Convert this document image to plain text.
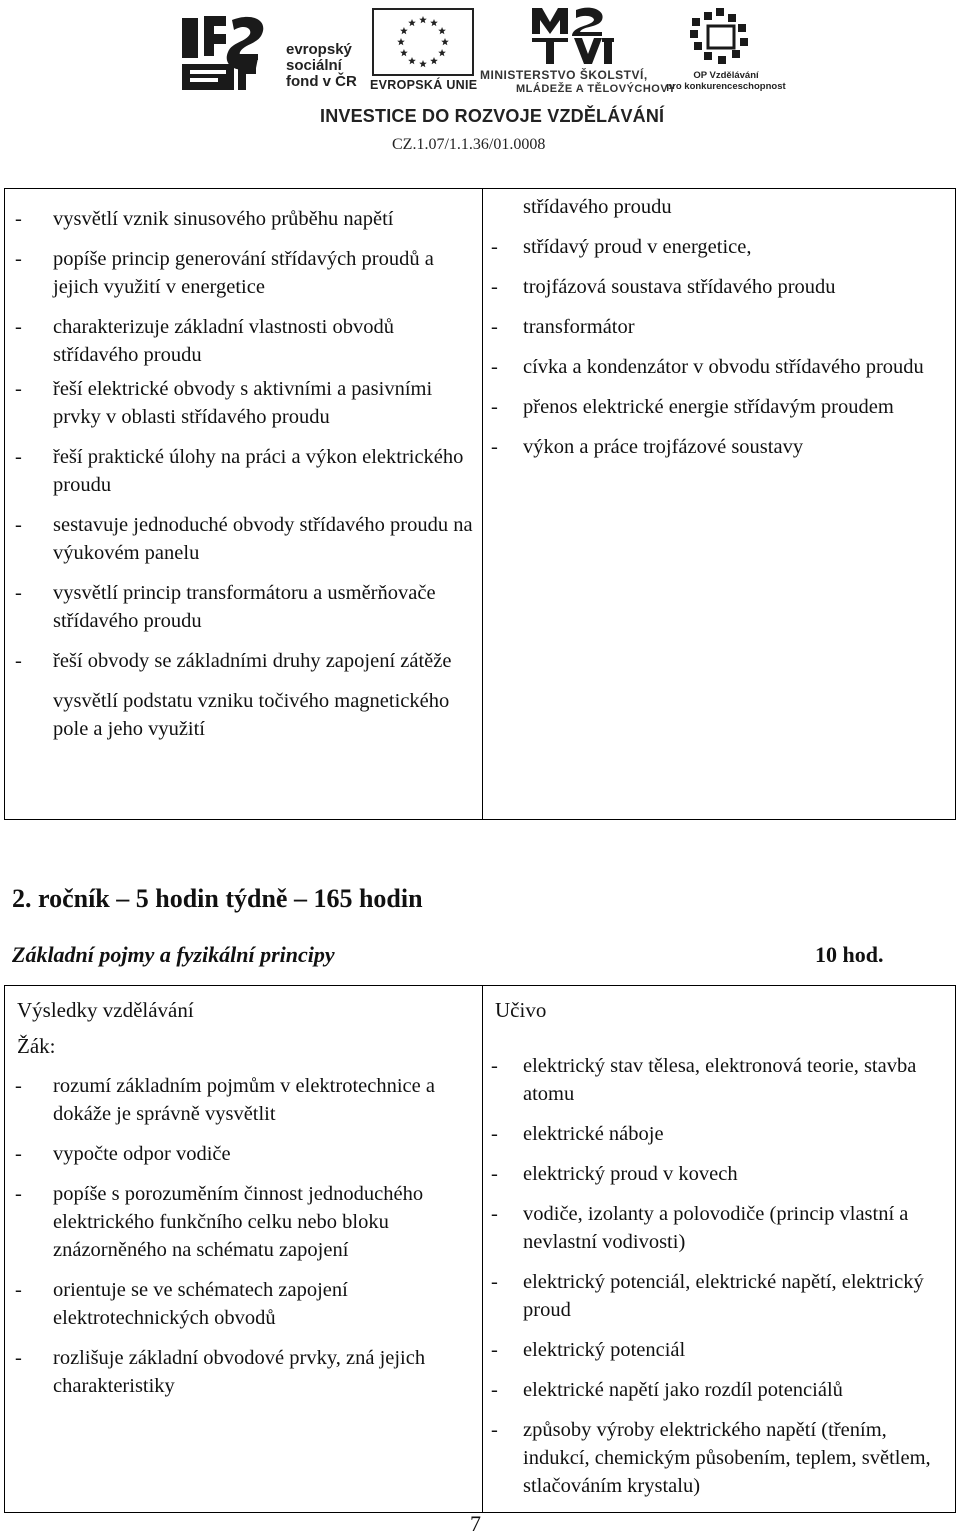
evropský
sociální
fond v ČR EVROPSKÁ UNIE
MINISTERSTVO ŠKOLSTVÍ,
MLÁDEŽE A TĚLOVÝCHOVY
OP Vzdělávání
pro konkurenceschopnost
INVESTICE DO ROZVOJE VZDĚLÁVÁNÍ
CZ.1.07/1.1.36/01.0008
- vysvětlí vznik sinusového průběhu napětí
- popíše princip generování střídavých proudů a jejich využití v energetice
- charakterizuje základní vlastnosti obvodů střídavého proudu
- řeší elektrické obvody s aktivními a pasivními prvky v oblasti střídavého proudu
- řeší praktické úlohy na práci a výkon elektrického proudu
- sestavuje jednoduché obvody střídavého proudu na výukovém panelu
- vysvětlí princip transformátoru a usměrňovače střídavého proudu
- řeší obvody se základními druhy zapojení zátěže
vysvětlí podstatu vzniku točivého magnetického pole a jeho využití

střídavého proudu
- střídavý proud v energetice,
- trojfázová soustava střídavého proudu
- transformátor
- cívka a kondenzátor v obvodu střídavého proudu
- přenos elektrické energie střídavým proudem
- výkon a práce trojfázové soustavy
2. ročník – 5 hodin týdně – 165 hodin
Základní pojmy a fyzikální principy	10 hod.
Výsledky vzdělávání
Žák:
- rozumí základním pojmům v elektrotechnice a dokáže je správně vysvětlit
- vypočte odpor vodiče
- popíše s porozuměním činnost jednoduchého elektrického funkčního celku nebo bloku znázorněného na schématu zapojení
- orientuje se ve schématech zapojení elektrotechnických obvodů
- rozlišuje základní obvodové prvky, zná jejich charakteristiky

Učivo
- elektrický stav tělesa, elektronová teorie, stavba atomu
- elektrické náboje
- elektrický proud v kovech
- vodiče, izolanty a polovodiče (princip vlastní a nevlastní vodivosti)
- elektrický potenciál, elektrické napětí, elektrický proud
- elektrický potenciál
- elektrické napětí jako rozdíl potenciálů
- způsoby výroby elektrického napětí (třením, indukcí, chemickým působením, teplem, světlem, stlačováním krystalu)
7
